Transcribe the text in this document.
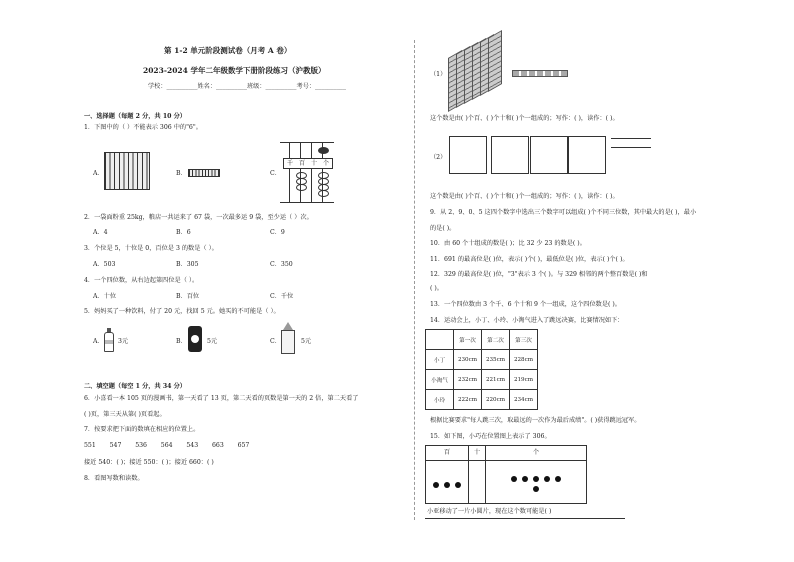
第 1-2 单元阶段测试卷（月考 A 卷）
2023-2024 学年二年级数学下册阶段练习（沪教版）
学校：__________姓名：__________班级：__________考号：__________
一、选择题（每题 2 分，共 10 分）
1．下图中的（ ）不能表示 306 中的"6"。
A．	B．	C．
千 百 十 个
2．一袋面粉重 25kg，粮店一共运来了 67 袋，一次最多运 9 袋，至少运（ ）次。
A．4	B．6	C．9
3．个位是 5，十位是 0，百位是 3 的数是（ ）。
A．503	B．305	C．350
4．一个四位数，从右边起第四位是（ ）。
A．十位	B．百位	C．千位
5．妈妈买了一种饮料，付了 20 元，找回 5 元。她买的不可能是（ ）。
A． 3元	B．	5元	C．	5元
二、填空题（每空 1 分，共 34 分）
6．小喜看一本 105 页的漫画书，第一天看了 13 页，第二天看的页数是第一天的 2 倍，第二天看了
( )页，第三天从第( )页看起。
7．按要求把下面的数填在相应的位置上。
551 547 536 564 543 663 657
接近 540：( )；接近 550：( )；接近 660：( )
8．看图写数和读数。
（1）
这个数是由( )个百、( )个十和( )个一组成的；写作：( )，读作：( )。
（2）
这个数是由( )个百、( )个十和( )个一组成的；写作：( )，读作：( )。
9．从 2、9、0、5 这四个数字中选出三个数字可以组成( )个不同三位数，其中最大的是( )，最小
的是( )。
10．由 60 个十组成的数是( )；比 32 少 23 的数是( )。
11．691 的最高位是( )位，表示( )个( )，最低位是( )位，表示( )个( )。
12．329 的最高位是( )位，"3"表示 3 个( )。与 329 相邻的两个整百数是( )和
( )。
13．一个四位数由 3 个千、6 个十和 9 个一组成，这个四位数是( )。
14．运动会上，小丁、小玲、小淘气进入了跳远决赛，比赛情况如下：
	第一次	第二次	第三次
小丁	230cm	235cm	228cm
小淘气	232cm	221cm	219cm
小玲	222cm	220cm	234cm
根据比赛要求"每人跳三次，取最远的一次作为最后成绩"。( )获得跳远冠军。
15．如下图，小巧在位置图上表示了 306。
百	十	个

小亚移动了一片小圆片，现在这个数可能是( )
